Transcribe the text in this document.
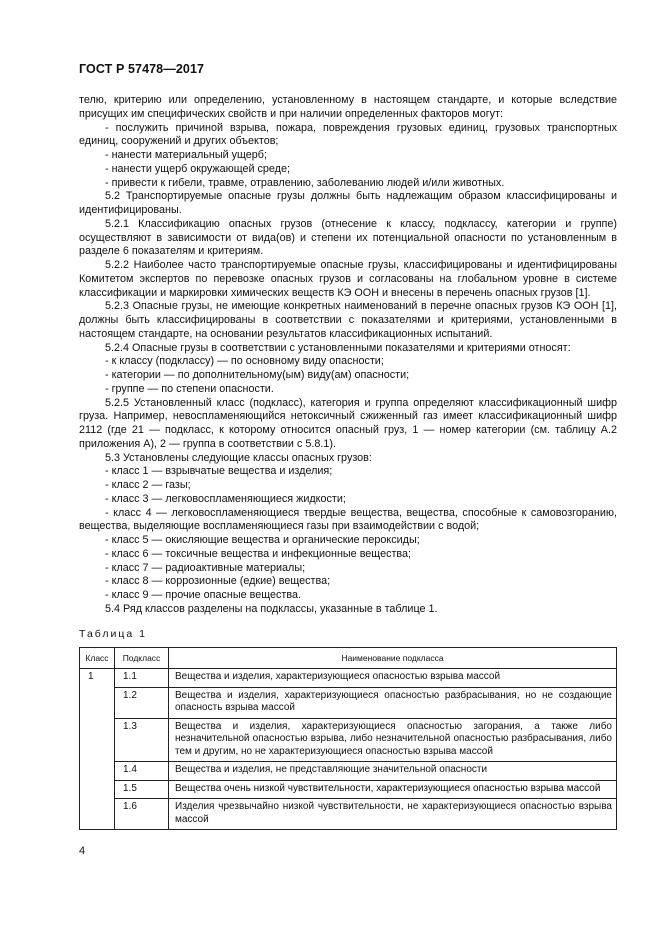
ГОСТ Р 57478—2017

телю, критерию или определению, установленному в настоящем стандарте, и которые вследствие присущих им специфических свойств и при наличии определенных факторов могут:

- послужить причиной взрыва, пожара, повреждения грузовых единиц, грузовых транспортных единиц, сооружений и других объектов;

- нанести материальный ущерб;

- нанести ущерб окружающей среде;

- привести к гибели, травме, отравлению, заболеванию людей и/или животных.

5.2 Транспортируемые опасные грузы должны быть надлежащим образом классифицированы и идентифицированы.

5.2.1 Классификацию опасных грузов (отнесение к классу, подклассу, категории и группе) осуществляют в зависимости от вида(ов) и степени их потенциальной опасности по установленным в разделе 6 показателям и критериям.

5.2.2 Наиболее часто транспортируемые опасные грузы, классифицированы и идентифицированы Комитетом экспертов по перевозке опасных грузов и согласованы на глобальном уровне в системе классификации и маркировки химических веществ КЭ ООН и внесены в перечень опасных грузов [1].

5.2.3 Опасные грузы, не имеющие конкретных наименований в перечне опасных грузов КЭ ООН [1], должны быть классифицированы в соответствии с показателями и критериями, установленными в настоящем стандарте, на основании результатов классификационных испытаний.

5.2.4 Опасные грузы в соответствии с установленными показателями и критериями относят:

- к классу (подклассу) — по основному виду опасности;

- категории — по дополнительному(ым) виду(ам) опасности;

- группе — по степени опасности.

5.2.5 Установленный класс (подкласс), категория и группа определяют классификационный шифр груза. Например, невоспламеняющийся нетоксичный сжиженный газ имеет классификационный шифр 2112 (где 21 — подкласс, к которому относится опасный груз, 1 — номер категории (см. таблицу А.2 приложения А), 2 — группа в соответствии с 5.8.1).

5.3 Установлены следующие классы опасных грузов:

- класс 1 — взрывчатые вещества и изделия;

- класс 2 — газы;

- класс 3 — легковоспламеняющиеся жидкости;

- класс 4 — легковоспламеняющиеся твердые вещества, вещества, способные к самовозгоранию, вещества, выделяющие воспламеняющиеся газы при взаимодействии с водой;

- класс 5 — окисляющие вещества и органические пероксиды;

- класс 6 — токсичные вещества и инфекционные вещества;

- класс 7 — радиоактивные материалы;

- класс 8 — коррозионные (едкие) вещества;

- класс 9 — прочие опасные вещества.

5.4 Ряд классов разделены на подклассы, указанные в таблице 1.

Таблица 1
Класс	Подкласс	Наименование подкласса
1	1.1	Вещества и изделия, характеризующиеся опасностью взрыва массой
	1.2	Вещества и изделия, характеризующиеся опасностью разбрасывания, но не создающие опасность взрыва массой
	1.3	Вещества и изделия, характеризующиеся опасностью загорания, а также либо незначительной опасностью взрыва, либо незначительной опасностью разбрасывания, либо тем и другим, но не характеризующиеся опасностью взрыва массой
	1.4	Вещества и изделия, не представляющие значительной опасности
	1.5	Вещества очень низкой чувствительности, характеризующиеся опасностью взрыва массой
	1.6	Изделия чрезвычайно низкой чувствительности, не характеризующиеся опасностью взрыва массой
4
